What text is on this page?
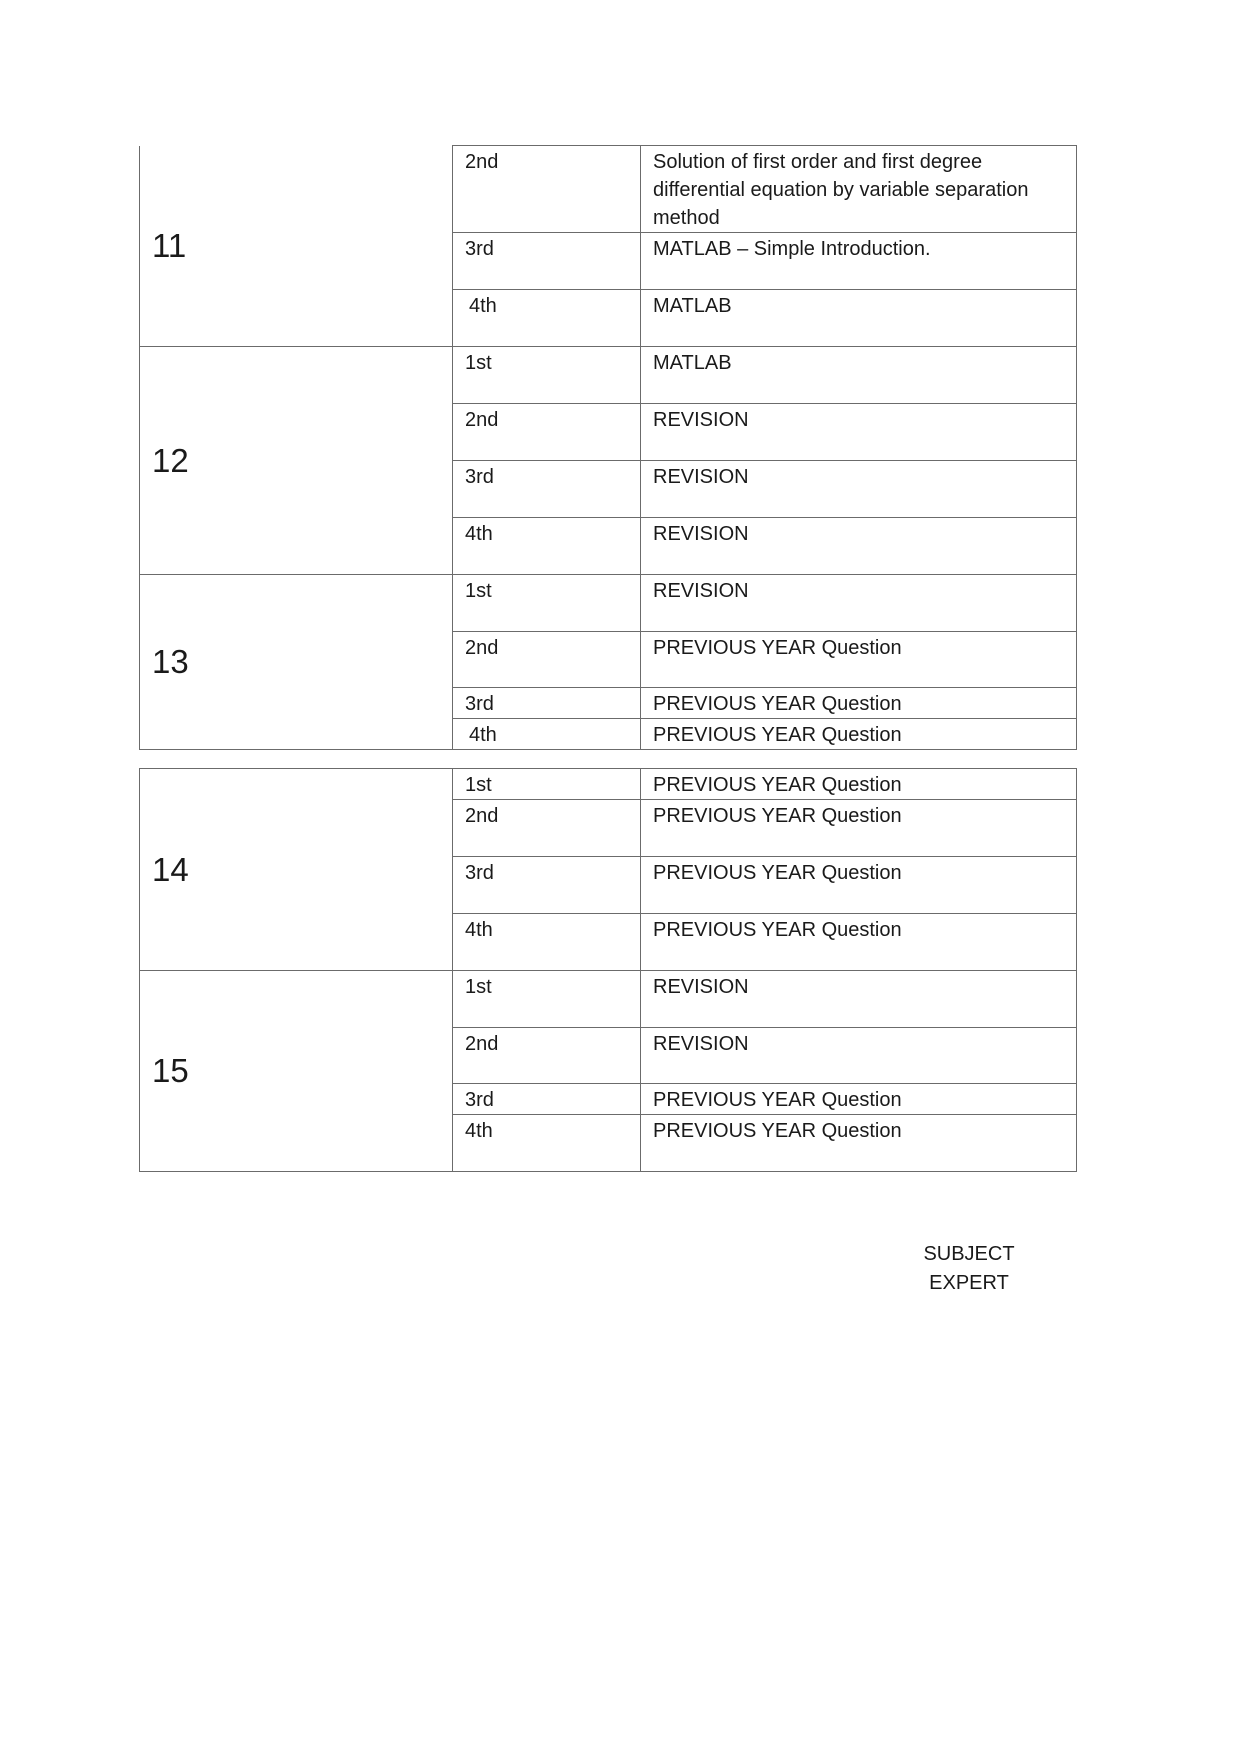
11	2nd	Solution of first order and first degree differential equation by variable separation method
	3rd	MATLAB – Simple Introduction.
	4th	MATLAB
12	1st	MATLAB
	2nd	REVISION
	3rd	REVISION
	4th	REVISION
13	1st	REVISION
	2nd	PREVIOUS YEAR Question
	3rd	PREVIOUS YEAR Question
	4th	PREVIOUS YEAR Question
14	1st	PREVIOUS YEAR Question
	2nd	PREVIOUS YEAR Question
	3rd	PREVIOUS YEAR Question
	4th	PREVIOUS YEAR Question
15	1st	REVISION
	2nd	REVISION
	3rd	PREVIOUS YEAR Question
	4th	PREVIOUS YEAR Question
SUBJECT
EXPERT
